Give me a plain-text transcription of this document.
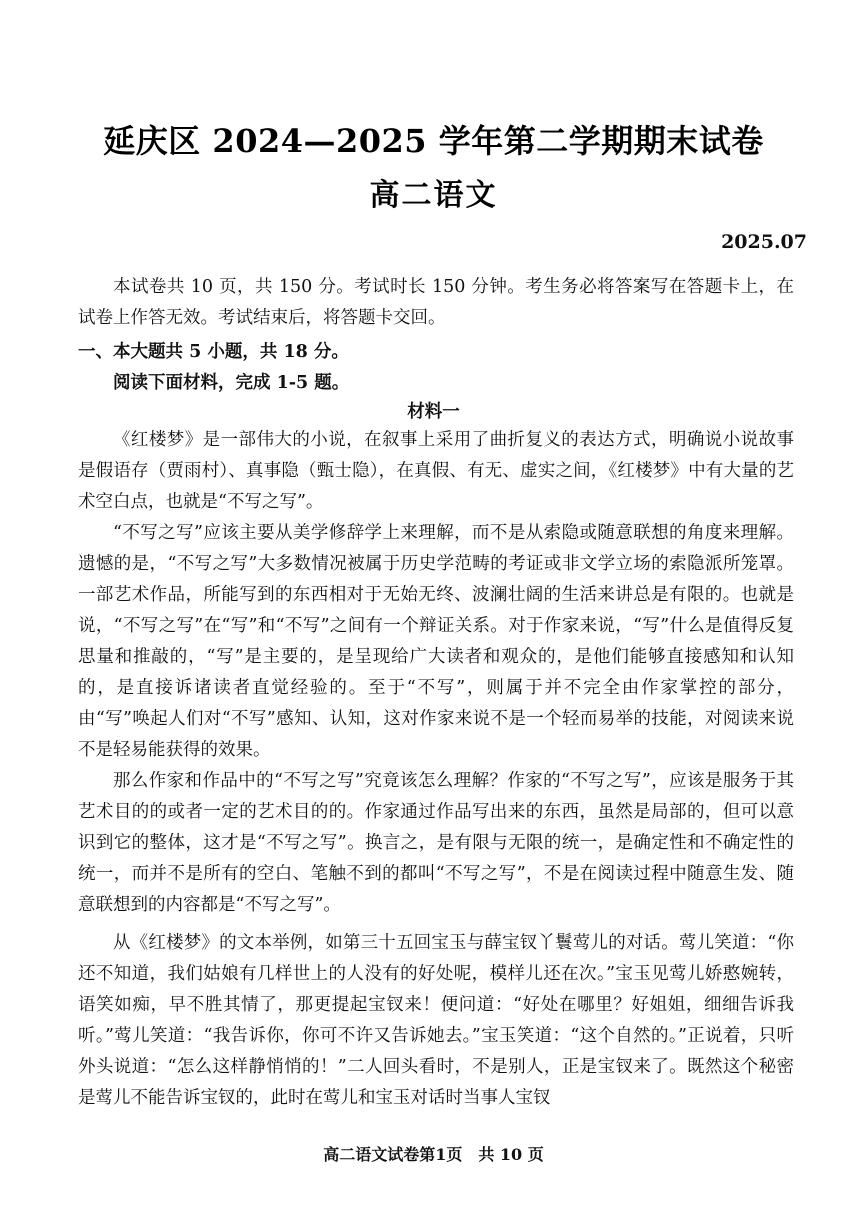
延庆区 2024—2025 学年第二学期期末试卷
高二语文
2025.07

本试卷共 10 页，共 150 分。考试时长 150 分钟。考生务必将答案写在答题卡上，在试卷上作答无效。考试结束后，将答题卡交回。

一、本大题共 5 小题，共 18 分。

阅读下面材料，完成 1-5 题。

材料一

《红楼梦》是一部伟大的小说，在叙事上采用了曲折复义的表达方式，明确说小说故事是假语存（贾雨村）、真事隐（甄士隐），在真假、有无、虚实之间，《红楼梦》中有大量的艺术空白点，也就是“不写之写”。

“不写之写”应该主要从美学修辞学上来理解，而不是从索隐或随意联想的角度来理解。遗憾的是，“不写之写”大多数情况被属于历史学范畴的考证或非文学立场的索隐派所笼罩。一部艺术作品，所能写到的东西相对于无始无终、波澜壮阔的生活来讲总是有限的。也就是说，“不写之写”在“写”和“不写”之间有一个辩证关系。对于作家来说，“写”什么是值得反复思量和推敲的，“写”是主要的，是呈现给广大读者和观众的，是他们能够直接感知和认知的，是直接诉诸读者直觉经验的。至于“不写”，则属于并不完全由作家掌控的部分，由“写”唤起人们对“不写”感知、认知，这对作家来说不是一个轻而易举的技能，对阅读来说不是轻易能获得的效果。

那么作家和作品中的“不写之写”究竟该怎么理解？作家的“不写之写”，应该是服务于其艺术目的的或者一定的艺术目的的。作家通过作品写出来的东西，虽然是局部的，但可以意识到它的整体，这才是“不写之写”。换言之，是有限与无限的统一，是确定性和不确定性的统一，而并不是所有的空白、笔触不到的都叫“不写之写”，不是在阅读过程中随意生发、随意联想到的内容都是“不写之写”。

从《红楼梦》的文本举例，如第三十五回宝玉与薛宝钗丫鬟莺儿的对话。莺儿笑道：“你还不知道，我们姑娘有几样世上的人没有的好处呢，模样儿还在次。”宝玉见莺儿娇憨婉转，语笑如痴，早不胜其情了，那更提起宝钗来！便问道：“好处在哪里？好姐姐，细细告诉我听。”莺儿笑道：“我告诉你，你可不许又告诉她去。”宝玉笑道：“这个自然的。”正说着，只听外头说道：“怎么这样静悄悄的！”二人回头看时，不是别人，正是宝钗来了。既然这个秘密是莺儿不能告诉宝钗的，此时在莺儿和宝玉对话时当事人宝钗

高二语文试卷第1页　共 10 页
